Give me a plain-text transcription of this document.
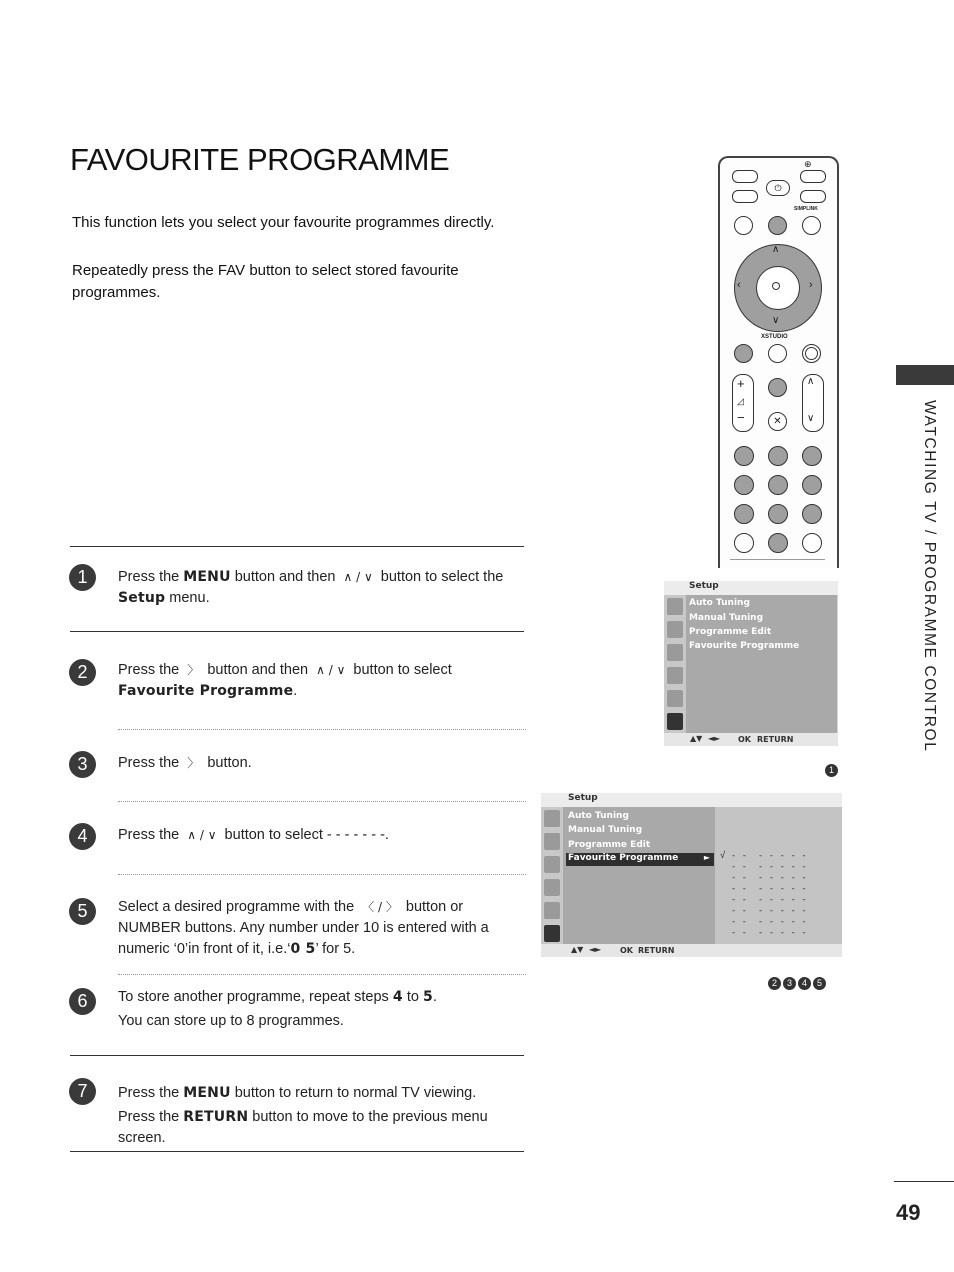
FAVOURITE PROGRAMME
This function lets you select your favourite programmes directly.
Repeatedly press the FAV button to select stored favourite programmes.
WATCHING TV / PROGRAMME CONTROL
1	Press the MENU button and then ∧ / ∨ button to select the
Setup menu.
2	Press the 〉 button and then ∧ / ∨ button to select
Favourite Programme.
3	Press the 〉 button.
4	Press the ∧ / ∨ button to select - - - - - - -.
5	Select a desired programme with the 〈 / 〉 button or NUMBER buttons. Any number under 10 is entered with a numeric ‘0’in front of it, i.e.‘0 5’ for 5.
6	To store another programme, repeat steps 4 to 5.
You can store up to 8 programmes.
7	Press the MENU button to return to normal TV viewing.
Press the RETURN button to move to the previous menu screen.
⊕
⏻
SIMPLINK
∧
∨
‹	›
XSTUDIO
+
◿
−	✕
∧
∨
Setup
Auto Tuning
Manual Tuning
Programme Edit
Favourite Programme
▲▼  ◄► OK RETURN
1
Setup
Auto Tuning
Manual Tuning
Programme Edit
Favourite Programme	► √ - -  - - - - -
- -  - - - - -
- -  - - - - -
- -  - - - - -
- -  - - - - -
- -  - - - - -
- -  - - - - -
- -  - - - - -
▲▼  ◄► OK RETURN
2 3 4 5
49
